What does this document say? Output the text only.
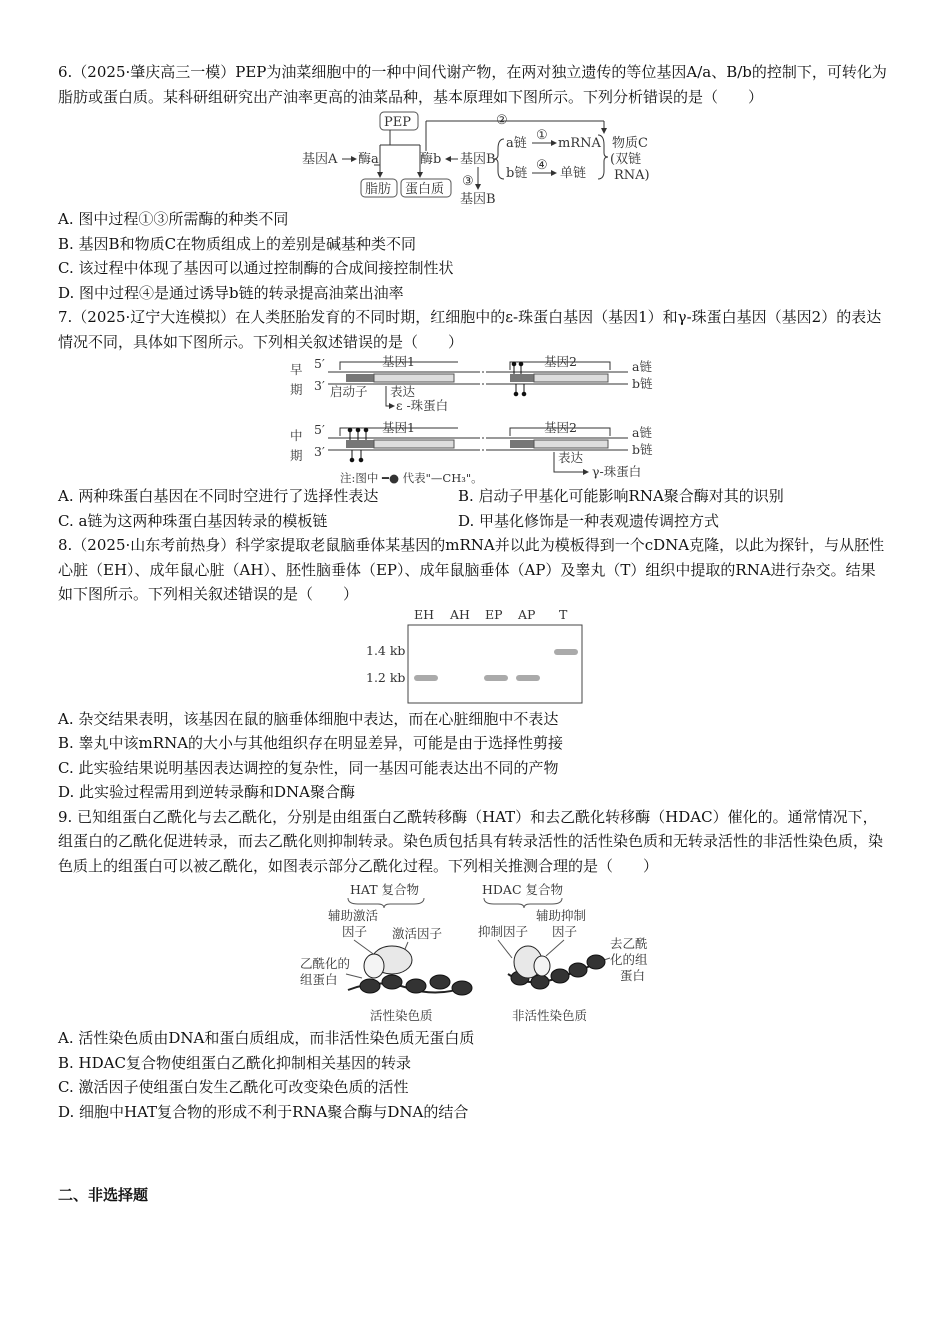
6.（2025·肇庆高三一模）PEP为油菜细胞中的一种中间代谢产物，在两对独立遗传的等位基因A/a、B/b的控制下，可转化为脂肪或蛋白质。某科研组研究出产油率更高的油菜品种，基本原理如下图所示。下列分析错误的是（　　）
PEP	②
基因A 酶a	酶b 基因B
a链
b链
①
④
mRNA
单链
物质C
(双链
RNA)
脂肪 蛋白质
③
基因B
A. 图中过程①③所需酶的种类不同
B. 基因B和物质C在物质组成上的差别是碱基种类不同
C. 该过程中体现了基因可以通过控制酶的合成间接控制性状
D. 图中过程④是通过诱导b链的转录提高油菜出油率
7.（2025·辽宁大连模拟）在人类胚胎发育的不同时期，红细胞中的ε-珠蛋白基因（基因1）和γ-珠蛋白基因（基因2）的表达情况不同，具体如下图所示。下列相关叙述错误的是（　　）
早
期
5′
3′
基因1	基因2	a链
b链
启动子 表达
ε -珠蛋白
中
期
5′
3′
基因1	基因2	a链
b链
表达
γ-珠蛋白
注:图中 ━● 代表"—CH₃"。
A. 两种珠蛋白基因在不同时空进行了选择性表达	B. 启动子甲基化可能影响RNA聚合酶对其的识别
C. a链为这两种珠蛋白基因转录的模板链	D. 甲基化修饰是一种表观遗传调控方式
8.（2025·山东考前热身）科学家提取老鼠脑垂体某基因的mRNA并以此为模板得到一个cDNA克隆，以此为探针，与从胚性心脏（EH）、成年鼠心脏（AH）、胚性脑垂体（EP）、成年鼠脑垂体（AP）及睾丸（T）组织中提取的RNA进行杂交。结果如下图所示。下列相关叙述错误的是（　　）
EH AH EP AP T
1.4 kb
1.2 kb
A. 杂交结果表明，该基因在鼠的脑垂体细胞中表达，而在心脏细胞中不表达
B. 睾丸中该mRNA的大小与其他组织存在明显差异，可能是由于选择性剪接
C. 此实验结果说明基因表达调控的复杂性，同一基因可能表达出不同的产物
D. 此实验过程需用到逆转录酶和DNA聚合酶
9. 已知组蛋白乙酰化与去乙酰化，分别是由组蛋白乙酰转移酶（HAT）和去乙酰化转移酶（HDAC）催化的。通常情况下，组蛋白的乙酰化促进转录，而去乙酰化则抑制转录。染色质包括具有转录活性的活性染色质和无转录活性的非活性染色质，染色质上的组蛋白可以被乙酰化，如图表示部分乙酰化过程。下列相关推测合理的是（　　）
HAT 复合物	HDAC 复合物
辅助激活
因子 激活因子
乙酰化的
组蛋白
抑制因子
辅助抑制
因子
去乙酰
化的组
蛋白
活性染色质	非活性染色质
A. 活性染色质由DNA和蛋白质组成，而非活性染色质无蛋白质
B. HDAC复合物使组蛋白乙酰化抑制相关基因的转录
C. 激活因子使组蛋白发生乙酰化可改变染色质的活性
D. 细胞中HAT复合物的形成不利于RNA聚合酶与DNA的结合
二、非选择题
